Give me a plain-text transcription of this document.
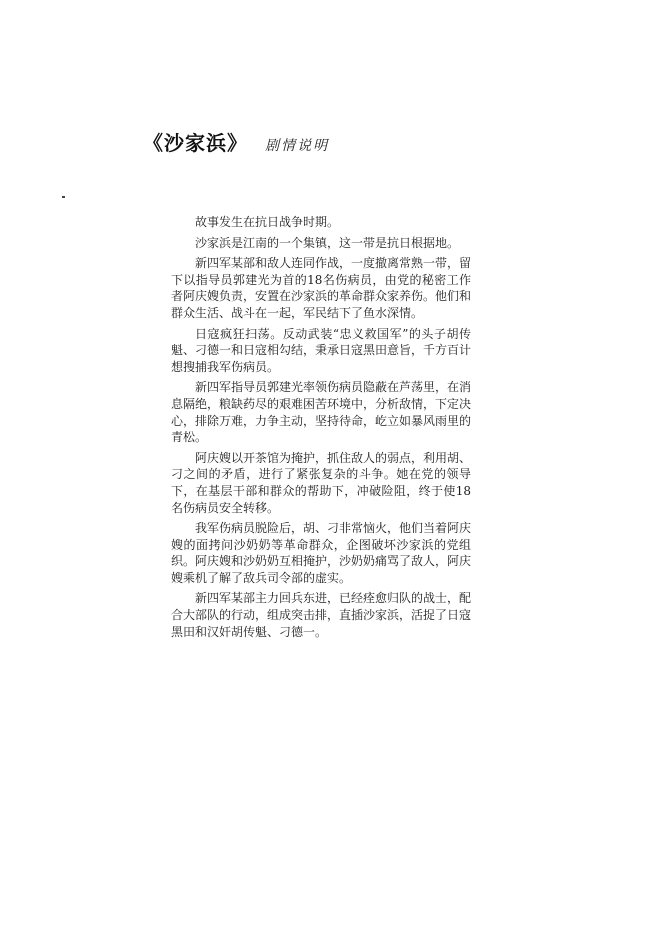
《沙家浜》 剧情说明

故事发生在抗日战争时期。

沙家浜是江南的一个集镇，这一带是抗日根据地。

新四军某部和敌人连同作战，一度撤离常熟一带，留下以指导员郭建光为首的18名伤病员，由党的秘密工作者阿庆嫂负责，安置在沙家浜的革命群众家养伤。他们和群众生活、战斗在一起，军民结下了鱼水深情。

日寇疯狂扫荡。反动武装“忠义救国军”的头子胡传魁、刁德一和日寇相勾结，秉承日寇黑田意旨，千方百计想搜捕我军伤病员。

新四军指导员郭建光率领伤病员隐蔽在芦荡里，在消息隔绝，粮缺药尽的艰难困苦环境中，分析敌情，下定决心，排除万难，力争主动，坚持待命，屹立如暴风雨里的青松。

阿庆嫂以开茶馆为掩护，抓住敌人的弱点，利用胡、刁之间的矛盾，进行了紧张复杂的斗争。她在党的领导下，在基层干部和群众的帮助下，冲破险阻，终于使18名伤病员安全转移。

我军伤病员脱险后，胡、刁非常恼火，他们当着阿庆嫂的面拷问沙奶奶等革命群众，企图破坏沙家浜的党组织。阿庆嫂和沙奶奶互相掩护，沙奶奶痛骂了敌人，阿庆嫂乘机了解了敌兵司令部的虚实。

新四军某部主力回兵东进，已经痊愈归队的战士，配合大部队的行动，组成突击排，直插沙家浜，活捉了日寇黑田和汉奸胡传魁、刁德一。
